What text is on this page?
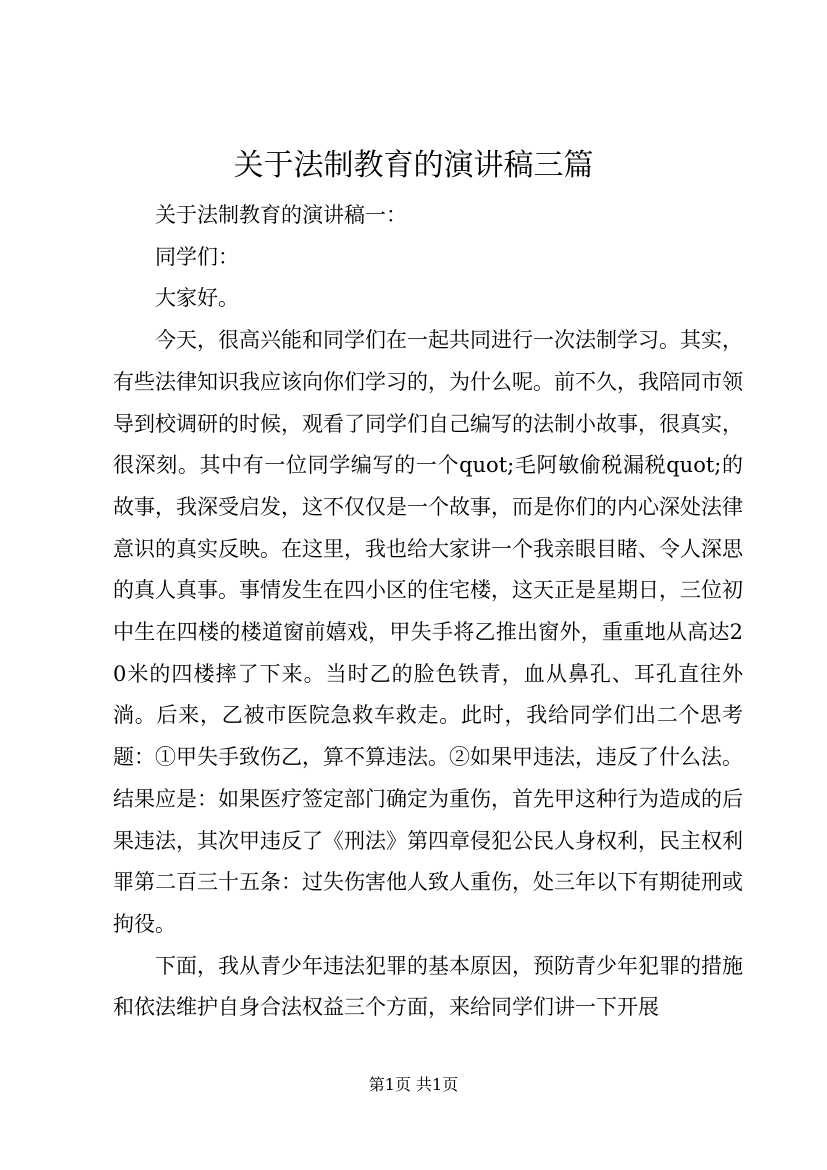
关于法制教育的演讲稿三篇

关于法制教育的演讲稿一：

同学们：

大家好。

今天，很高兴能和同学们在一起共同进行一次法制学习。其实，有些法律知识我应该向你们学习的，为什么呢。前不久，我陪同市领导到校调研的时候，观看了同学们自己编写的法制小故事，很真实，很深刻。其中有一位同学编写的一个quot;毛阿敏偷税漏税quot;的故事，我深受启发，这不仅仅是一个故事，而是你们的内心深处法律意识的真实反映。在这里，我也给大家讲一个我亲眼目睹、令人深思的真人真事。事情发生在四小区的住宅楼，这天正是星期日，三位初中生在四楼的楼道窗前嬉戏，甲失手将乙推出窗外，重重地从高达20米的四楼摔了下来。当时乙的脸色铁青，血从鼻孔、耳孔直往外淌。后来，乙被市医院急救车救走。此时，我给同学们出二个思考题：①甲失手致伤乙，算不算违法。②如果甲违法，违反了什么法。结果应是：如果医疗签定部门确定为重伤，首先甲这种行为造成的后果违法，其次甲违反了《刑法》第四章侵犯公民人身权利，民主权利罪第二百三十五条：过失伤害他人致人重伤，处三年以下有期徒刑或拘役。

下面，我从青少年违法犯罪的基本原因，预防青少年犯罪的措施和依法维护自身合法权益三个方面，来给同学们讲一下开展

第1页 共1页
